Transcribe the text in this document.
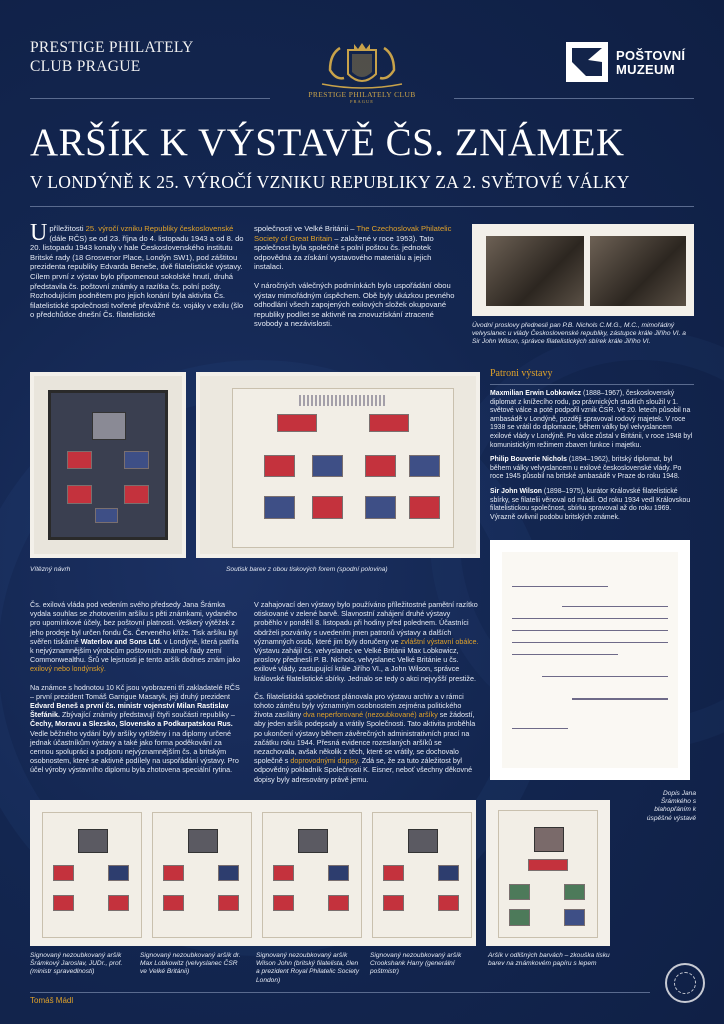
PRESTIGE PHILATELY
CLUB PRAGUE
PRESTIGE PHILATELY CLUB
PRAGUE
POŠTOVNÍ
MUZEUM
ARŠÍK K VÝSTAVĚ ČS. ZNÁMEK
V LONDÝNĚ K 25. VÝROČÍ VZNIKU REPUBLIKY ZA 2. SVĚTOVÉ VÁLKY
Upříležitosti 25. výročí vzniku Republiky československé (dále RČS) se od 23. října do 4. listopadu 1943 a od 8. do 20. listopadu 1943 konaly v hale Československého institutu Britské rady (18 Grosvenor Place, Londýn SW1), pod záštitou prezidenta republiky Edvarda Beneše, dvě filatelistické výstavy. Cílem první z výstav bylo připomenout sokolské hnutí, druhá představila čs. poštovní známky a razítka čs. polní pošty. Rozhodujícím podnětem pro jejich konání byla aktivita Čs. filatelistické společnosti tvořené převážně čs. vojáky v exilu (šlo o předchůdce dnešní Čs. filatelistické
společnosti ve Velké Británii – The Czechoslovak Philatelic Society of Great Britain – založené v roce 1953). Tato společnost byla společně s polní poštou čs. jednotek odpovědná za získání vystavového materiálu a jejich instalaci.
V náročných válečných podmínkách bylo uspořádání obou výstav mimořádným úspěchem. Obě byly ukázkou pevného odhodlání všech zapojených exilových složek okupované republiky podílet se aktivně na znovuzískání ztracené svobody a nezávislosti.	Úvodní proslovy přednesli pan P.B. Nichols C.M.G., M.C., mimořádný velvyslanec u vlády Československé republiky, zástupce krále Jiřího VI. a Sir John Wilson, správce filatelistických sbírek krále Jiřího VI.
Vítězný návrh	Soutisk barev z obou tiskových forem (spodní polovina)
Patroni výstavy
Maxmilian Erwin Lobkowicz (1888–1967), československý diplomat z knížecího rodu, po právnických studiích sloužil v 1. světové válce a poté podpořil vznik ČSR. Ve 20. letech působil na ambasádě v Londýně, později spravoval rodový majetek. V roce 1938 se vrátil do diplomacie, během války byl velvyslancem exilové vlády v Londýně. Po válce zůstal v Británii, v roce 1948 byl komunistickým režimem zbaven funkce i majetku.
Philip Bouverie Nichols (1894–1962), britský diplomat, byl během války velvyslancem u exilové československé vlády. Po roce 1945 působil na britské ambasádě v Praze do roku 1948.
Sir John Wilson (1898–1975), kurátor Královské filatelistické sbírky, se filatelii věnoval od mládí. Od roku 1934 vedl Královskou filatelistickou společnost, sbírku spravoval až do roku 1969. Výrazně ovlivnil podobu britských známek.
Dopis Jana Šrámkého s blahopřáním k úspěšné výstavě
Čs. exilová vláda pod vedením svého předsedy Jana Šrámka vydala souhlas se zhotovením aršíku s pěti známkami, vydaného pro upomínkové účely, bez poštovní platnosti. Veškerý výtěžek z jeho prodeje byl určen fondu Čs. Červeného kříže. Tisk aršíku byl svěřen tiskárně Waterlow and Sons Ltd. v Londýně, která patřila k nejvýznamnějším výrobcům poštovních známek řady zemí Commonwealthu. Šrů ve lejsnosti je tento aršík dodnes znám jako exilový nebo londýnský.
Na známce s hodnotou 10 Kč jsou vyobrazeni tři zakladatelé RČS – první prezident Tomáš Garrigue Masaryk, jeji druhý prezident Edvard Beneš a první čs. ministr vojenství Milan Rastislav Štefánik. Zbývající známky představují čtyři součásti republiky – Čechy, Moravu a Slezsko, Slovensko a Podkarpatskou Rus. Vedle běžného vydání byly aršíky vytištěny i na diplomy určené jednak účastníkům výstavy a také jako forma poděkování za cennou spolupráci a podporu nejvýznamnějším čs. a britským osobnostem, které se aktivně podílely na uspořádání výstavy. Pro účel výroby výstavního diplomu byla zhotovena speciální rytina.
V zahajovací den výstavy bylo používáno příležitostné pamětní razítko otiskované v zelené barvě. Slavnostní zahájení druhé výstavy proběhlo v pondělí 8. listopadu při hodiny před polednem. Účastníci obdrželi pozvánky s uvedením jmen patronů výstavy a dalších významných osob, které jim byly doručeny ve zvláštní výstavní obálce. Výstavu zahájil čs. velvyslanec ve Velké Británii Max Lobkowicz, proslovy přednesli P. B. Nichols, velvyslanec Velké Británie u čs. exilové vlády, zastupující krále Jiřího VI., a John Wilson, správce královské filatelistické sbírky. Jednalo se tedy o akci nejvyšší prestiže.
Čs. filatelistická společnost plánovala pro výstavu archiv a v rámci tohoto záměru byly významným osobnostem zejména politického života zasílány dva neperforované (nezoubkované) aršíky se žádostí, aby jeden aršík podepsaly a vrátily Společnosti. Tato aktivita proběhla po ukončení výstavy během závěrečných administrativních prací na začátku roku 1944. Přesná evidence rozeslaných aršíků se nezachovala, avšak několik z těch, které se vrátily, se dochovalo společně s doprovodnými dopisy. Zdá se, že za tuto záležitost byl odpovědný pokladník Společnosti K. Eisner, neboť všechny děkovné dopisy byly adresovány právě jemu.
Signovaný nezoubkovaný aršík Šrámkový Jaroslav, JUDr., prof. (ministr spravedlnosti)
Signovaný nezoubkovaný aršík dr. Max Lobkowitz (velvyslanec ČSR ve Velké Británii)
Signovaný nezoubkovaný aršík Wilson John (britský filatelista, člen a prezident Royal Philatelic Society London)
Signovaný nezoubkovaný aršík Crookshank Harry (generální poštmistr)
Aršík v odlišných barvách – zkouška tisku barev na známkovém papíru s lepem
Tomáš Mádl
